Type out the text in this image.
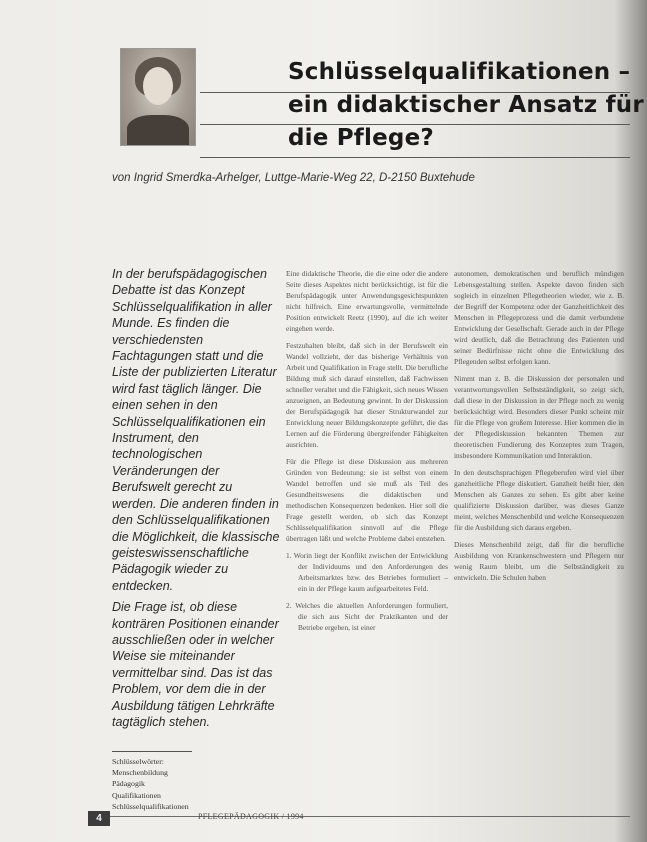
Schlüsselqualifikationen –
ein didaktischer Ansatz für
die Pflege?
von Ingrid Smerdka-Arhelger, Luttge-Marie-Weg 22, D-2150 Buxtehude

In der berufspädagogischen Debatte ist das Konzept Schlüsselqualifikation in aller Munde. Es finden die verschiedensten Fachtagungen statt und die Liste der publizierten Literatur wird fast täglich länger. Die einen sehen in den Schlüsselqualifikationen ein Instrument, den technologischen Veränderungen der Berufswelt gerecht zu werden. Die anderen finden in den Schlüsselqualifikationen die Möglichkeit, die klassische geisteswissenschaftliche Pädagogik wieder zu entdecken.

Die Frage ist, ob diese konträren Positionen einander ausschließen oder in welcher Weise sie miteinander vermittelbar sind. Das ist das Problem, vor dem die in der Ausbildung tätigen Lehrkräfte tagtäglich stehen.

Eine didaktische Theorie, die die eine oder die andere Seite dieses Aspektes nicht berücksichtigt, ist für die Berufspädagogik unter Anwendungsgesichtspunkten nicht hilfreich. Eine erwartungsvolle, vermittelnde Position entwickelt Reetz (1990), auf die ich weiter eingehen werde.

Festzuhalten bleibt, daß sich in der Berufswelt ein Wandel vollzieht, der das bisherige Verhältnis von Arbeit und Qualifikation in Frage stellt. Die berufliche Bildung muß sich darauf einstellen, daß Fachwissen schneller veraltet und die Fähigkeit, sich neues Wissen anzueignen, an Bedeutung gewinnt. In der Diskussion der Berufspädagogik hat dieser Strukturwandel zur Entwicklung neuer Bildungskonzepte geführt, die das Lernen auf die Förderung übergreifender Fähigkeiten ausrichten.

Für die Pflege ist diese Diskussion aus mehreren Gründen von Bedeutung: sie ist selbst von einem Wandel betroffen und sie muß als Teil des Gesundheitswesens die didaktischen und methodischen Konsequenzen bedenken. Hier soll die Frage gestellt werden, ob sich das Konzept Schlüsselqualifikation sinnvoll auf die Pflege übertragen läßt und welche Probleme dabei entstehen.

1. Worin liegt der Konflikt zwischen der Entwicklung der Individuums und den Anforderungen des Arbeitsmarktes bzw. des Betriebes formuliert – ein in der Pflege kaum aufgearbeitetes Feld.

2. Welches die aktuellen Anforderungen formuliert, die sich aus Sicht der Praktikanten und der Betriebe ergeben, ist einer

autonomen, demokratischen und beruflich mündigen Lebensgestaltung stellen. Aspekte davon finden sich sogleich in einzelnen Pflegetheorien wieder, wie z. B. der Begriff der Kompetenz oder der Ganzheitlichkeit des Menschen in Pflegeprozess und die damit verbundene Entwicklung der Gesellschaft. Gerade auch in der Pflege wird deutlich, daß die Betrachtung des Patienten und seiner Bedürfnisse nicht ohne die Entwicklung des Pflegenden selbst erfolgen kann.

Nimmt man z. B. die Diskussion der personalen und verantwortungsvollen Selbstständigkeit, so zeigt sich, daß diese in der Diskussion in der Pflege noch zu wenig berücksichtigt wird. Besonders dieser Punkt scheint mir für die Pflege von großem Interesse. Hier kommen die in der Pflegediskussion bekannten Themen zur theoretischen Fundierung des Konzeptes zum Tragen, insbesondere Kommunikation und Interaktion.

In den deutschsprachigen Pflegeberufen wird viel über ganzheitliche Pflege diskutiert. Ganzheit heißt hier, den Menschen als Ganzes zu sehen. Es gibt aber keine qualifizierte Diskussion darüber, was dieses Ganze meint, welches Menschenbild und welche Konsequenzen für die Ausbildung sich daraus ergeben.

Dieses Menschenbild zeigt, daß für die berufliche Ausbildung von Krankenschwestern und Pflegern nur wenig Raum bleibt, um die Selbständigkeit zu entwickeln. Die Schulen haben

Schlüsselwörter:
Menschenbildung
Pädagogik
Qualifikationen
Schlüsselqualifikationen
4	PFLEGEPÄDAGOGIK / 1994
